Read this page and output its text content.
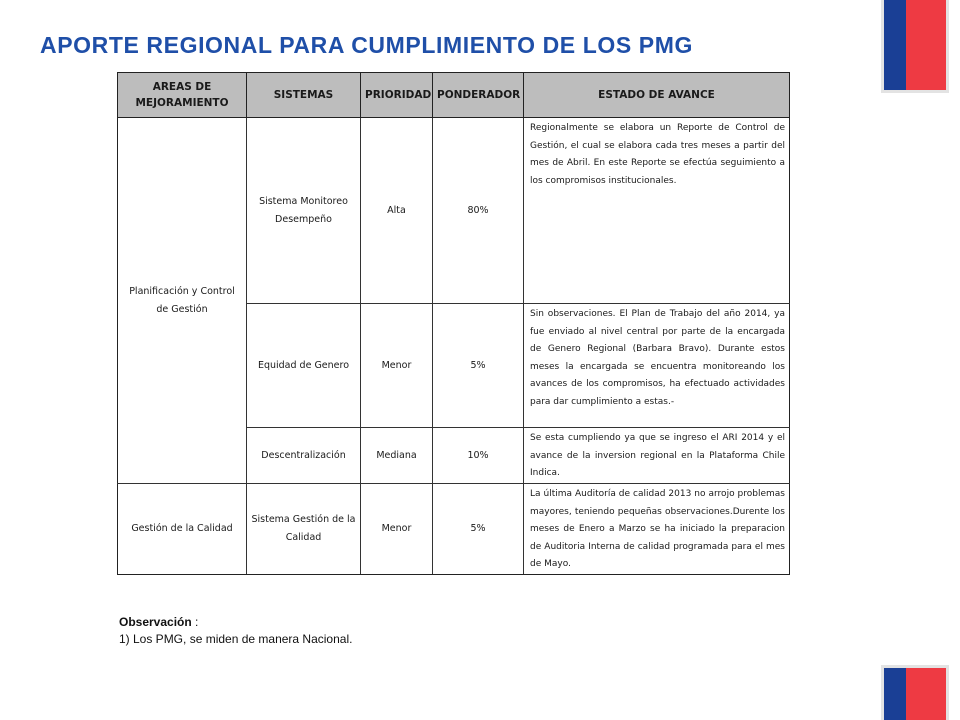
APORTE REGIONAL PARA CUMPLIMIENTO DE LOS PMG
AREAS DE MEJORAMIENTO	SISTEMAS	PRIORIDAD	PONDERADOR	ESTADO DE AVANCE
Planificación y Control de Gestión	Sistema Monitoreo Desempeño	Alta	80%	Regionalmente se elabora un Reporte de Control de Gestión, el cual se elabora cada tres meses a partir del mes de Abril. En este Reporte se efectúa seguimiento a los compromisos institucionales.

	Equidad de Genero	Menor	5%	Sin observaciones. El Plan de Trabajo del año 2014, ya fue enviado al nivel central por parte de la encargada de Genero Regional (Barbara Bravo). Durante estos meses la encargada se encuentra monitoreando los avances de los compromisos, ha efectuado actividades para dar cumplimiento a estas.-

	Descentralización	Mediana	10%	Se esta cumpliendo ya que se ingreso el ARI 2014 y el avance de la inversion regional en la Plataforma Chile Indica.

Gestión de la Calidad	Sistema Gestión de la Calidad	Menor	5%	La última Auditoría de calidad 2013 no arrojo problemas mayores, teniendo pequeñas observaciones.Durente los meses de Enero a Marzo se ha iniciado la preparacion de Auditoria Interna de calidad programada para el mes de Mayo.
Observación :
1) Los PMG, se miden de manera Nacional.
